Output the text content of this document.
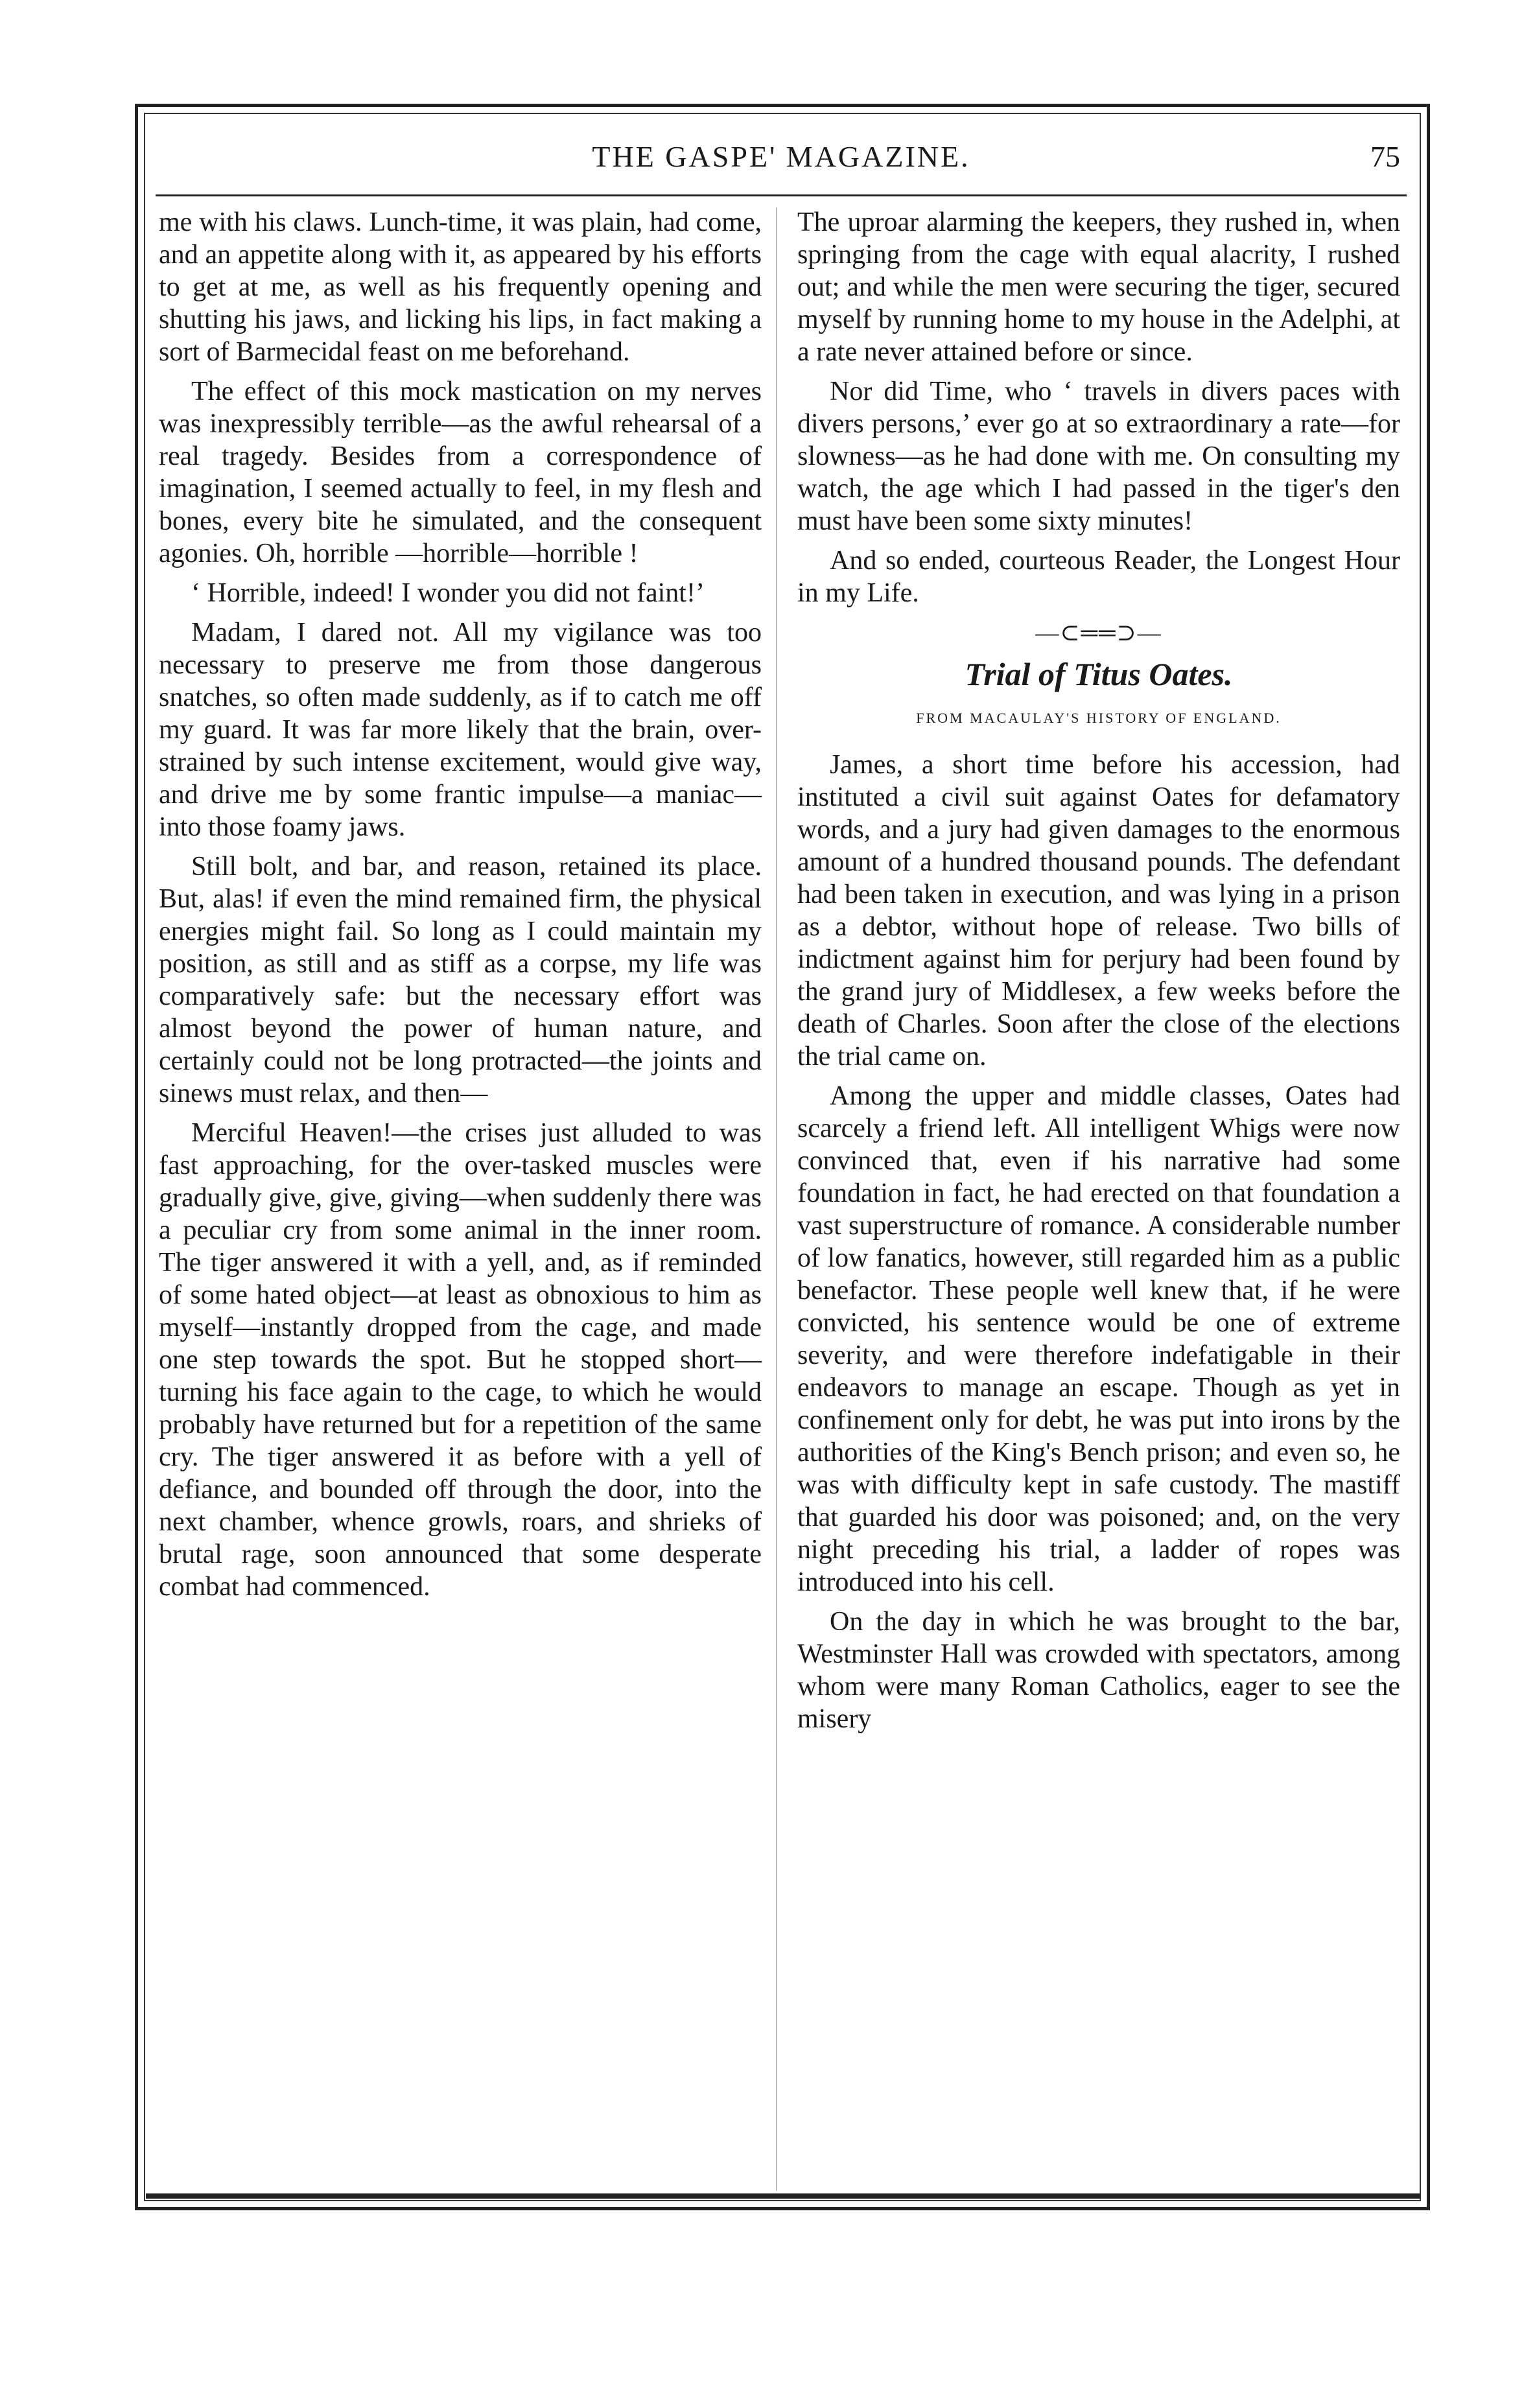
THE GASPE' MAGAZINE.	75

me with his claws. Lunch-time, it was plain, had come, and an appetite along with it, as appeared by his efforts to get at me, as well as his frequently opening and shutting his jaws, and licking his lips, in fact making a sort of Barmecidal feast on me beforehand.

The effect of this mock mastication on my nerves was inexpressibly terrible—as the awful rehearsal of a real tragedy. Besides from a correspondence of imagination, I seemed actually to feel, in my flesh and bones, every bite he simulated, and the consequent agonies. Oh, horrible —horrible—horrible !

‘ Horrible, indeed! I wonder you did not faint!’

Madam, I dared not. All my vigilance was too necessary to preserve me from those dangerous snatches, so often made suddenly, as if to catch me off my guard. It was far more likely that the brain, over-strained by such intense excitement, would give way, and drive me by some frantic impulse—a maniac—into those foamy jaws.

Still bolt, and bar, and reason, retained its place. But, alas! if even the mind remained firm, the physical energies might fail. So long as I could maintain my position, as still and as stiff as a corpse, my life was comparatively safe: but the necessary effort was almost beyond the power of human nature, and certainly could not be long protracted—the joints and sinews must relax, and then—

Merciful Heaven!—the crises just alluded to was fast approaching, for the over-tasked muscles were gradually give, give, giving—when suddenly there was a peculiar cry from some animal in the inner room. The tiger answered it with a yell, and, as if reminded of some hated object—at least as obnoxious to him as myself—instantly dropped from the cage, and made one step towards the spot. But he stopped short—turning his face again to the cage, to which he would probably have returned but for a repetition of the same cry. The tiger answered it as before with a yell of defiance, and bounded off through the door, into the next chamber, whence growls, roars, and shrieks of brutal rage, soon announced that some desperate combat had commenced.

The uproar alarming the keepers, they rushed in, when springing from the cage with equal alacrity, I rushed out; and while the men were securing the tiger, secured myself by running home to my house in the Adelphi, at a rate never attained before or since.

Nor did Time, who ‘ travels in divers paces with divers persons,’ ever go at so extraordinary a rate—for slowness—as he had done with me. On consulting my watch, the age which I had passed in the tiger's den must have been some sixty minutes!

And so ended, courteous Reader, the Longest Hour in my Life.

—⊂══⊃—
Trial of Titus Oates.
FROM MACAULAY'S HISTORY OF ENGLAND.

James, a short time before his accession, had instituted a civil suit against Oates for defamatory words, and a jury had given damages to the enormous amount of a hundred thousand pounds. The defendant had been taken in execution, and was lying in a prison as a debtor, without hope of release. Two bills of indictment against him for perjury had been found by the grand jury of Middlesex, a few weeks before the death of Charles. Soon after the close of the elections the trial came on.

Among the upper and middle classes, Oates had scarcely a friend left. All intelligent Whigs were now convinced that, even if his narrative had some foundation in fact, he had erected on that foundation a vast superstructure of romance. A considerable number of low fanatics, however, still regarded him as a public benefactor. These people well knew that, if he were convicted, his sentence would be one of extreme severity, and were therefore indefatigable in their endeavors to manage an escape. Though as yet in confinement only for debt, he was put into irons by the authorities of the King's Bench prison; and even so, he was with difficulty kept in safe custody. The mastiff that guarded his door was poisoned; and, on the very night preceding his trial, a ladder of ropes was introduced into his cell.

On the day in which he was brought to the bar, Westminster Hall was crowded with spectators, among whom were many Roman Catholics, eager to see the misery
